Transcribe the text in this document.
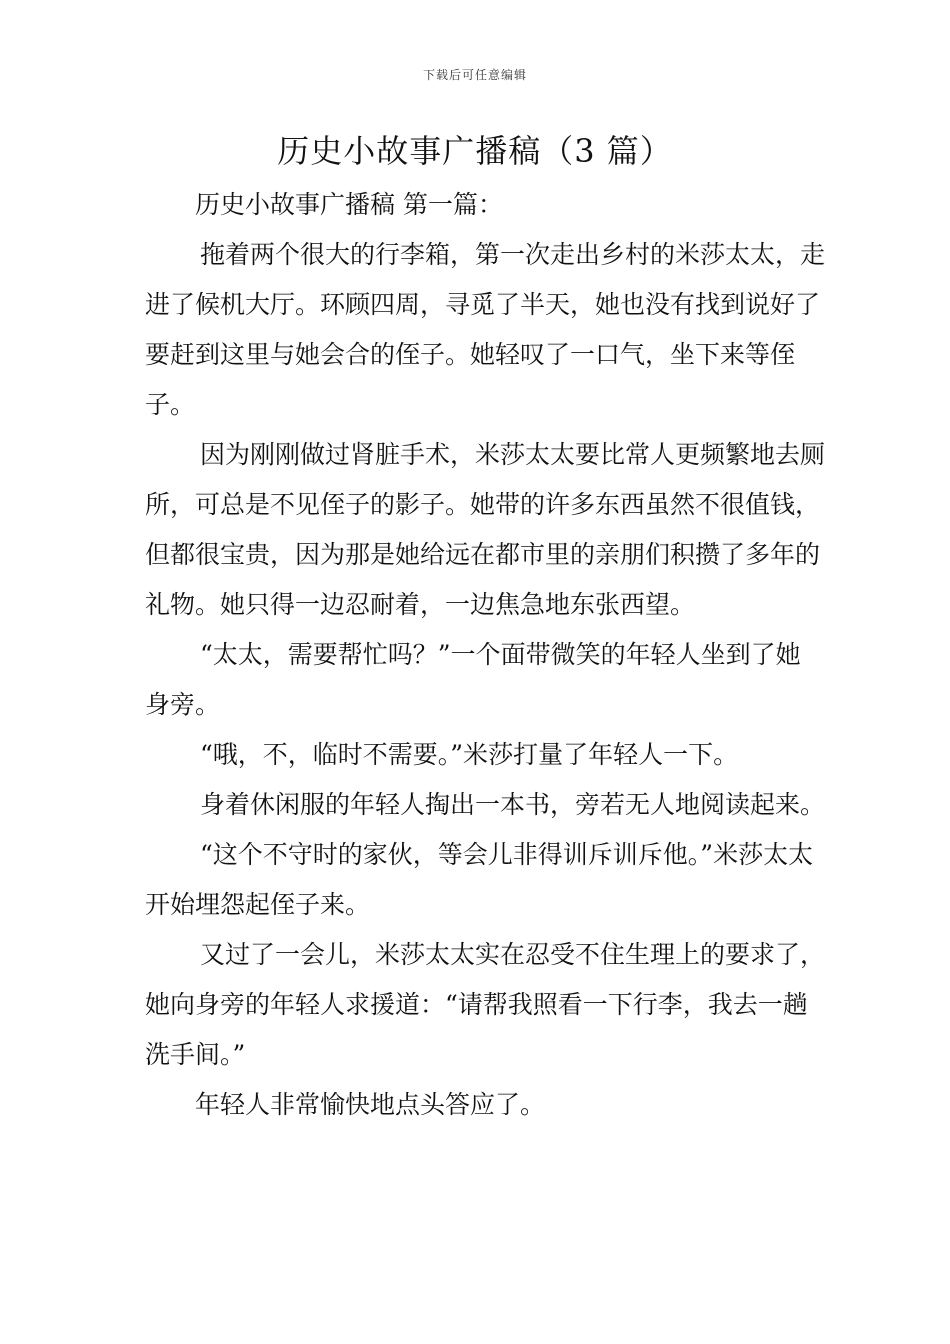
下载后可任意编辑
历史小故事广播稿（3 篇）

历史小故事广播稿 第一篇：

拖着两个很大的行李箱，第一次走出乡村的米莎太太，走进了候机大厅。环顾四周，寻觅了半天，她也没有找到说好了要赶到这里与她会合的侄子。她轻叹了一口气，坐下来等侄子。

因为刚刚做过肾脏手术，米莎太太要比常人更频繁地去厕所，可总是不见侄子的影子。她带的许多东西虽然不很值钱，但都很宝贵，因为那是她给远在都市里的亲朋们积攒了多年的礼物。她只得一边忍耐着，一边焦急地东张西望。

“太太，需要帮忙吗？”一个面带微笑的年轻人坐到了她身旁。

“哦，不，临时不需要。”米莎打量了年轻人一下。

身着休闲服的年轻人掏出一本书，旁若无人地阅读起来。

“这个不守时的家伙，等会儿非得训斥训斥他。”米莎太太开始埋怨起侄子来。

又过了一会儿，米莎太太实在忍受不住生理上的要求了，她向身旁的年轻人求援道：“请帮我照看一下行李，我去一趟洗手间。”

年轻人非常愉快地点头答应了。
